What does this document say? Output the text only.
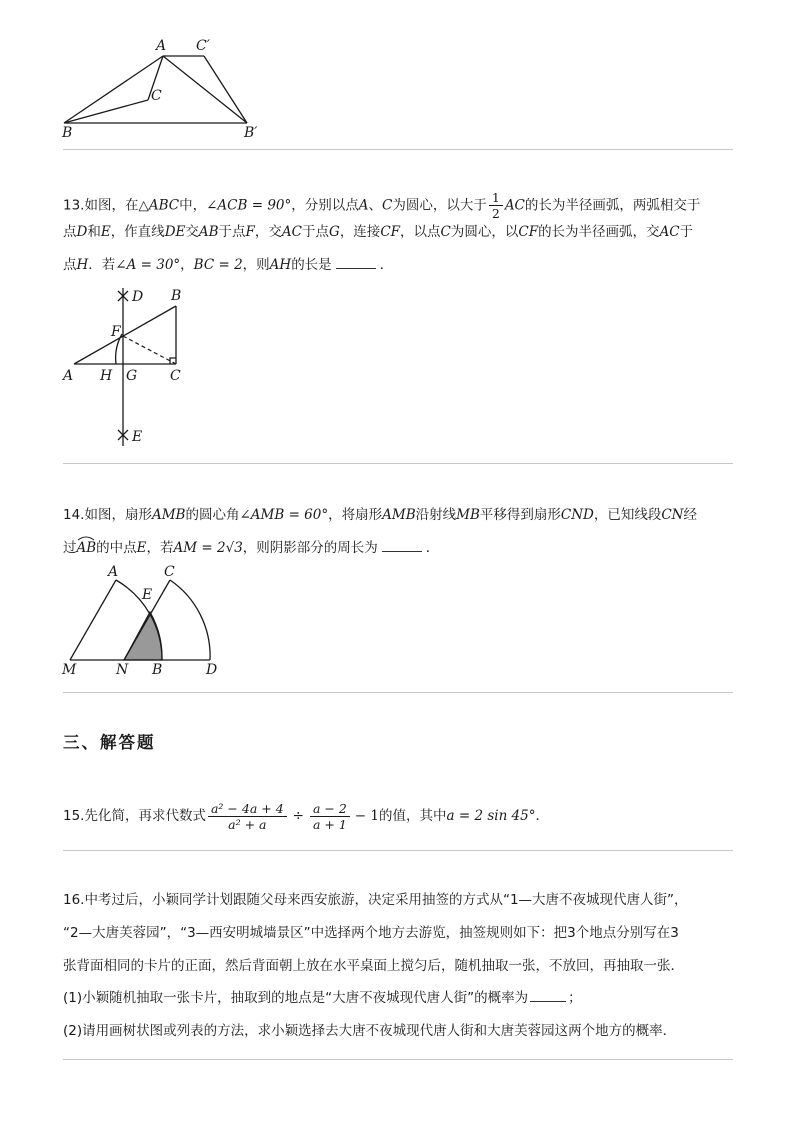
A C′
C
B	B′
13.如图，在△ABC中，∠ACB = 90°，分别以点A、C为圆心，以大于 $\frac{1}{2}$ AC的长为半径画弧，两弧相交于
点D和E，作直线DE交AB于点F，交AC于点G，连接CF，以点C为圆心，以CF的长为半径画弧，交AC于
点H．若∠A = 30°，BC = 2，则AH的长是	．
D B
F
A H G C
E
14.如图，扇形AMB的圆心角∠AMB = 60°，将扇形AMB沿射线MB平移得到扇形CND，已知线段CN经
过AB
的中点E，若AM = 2√3，则阴影部分的周长为	．
A	C
E
M	N B	D
三、解答题
15.先化简，再求代数式 $\frac{\text{a² − 4a + 4}}{\text{a² + a}} \div \frac{a - 2}{a + 1} - 1$的值，其中a = 2 sin 45°．
16.中考过后，小颖同学计划跟随父母来西安旅游，决定采用抽签的方式从“1—大唐不夜城现代唐人街”，
“2—大唐芙蓉园”，“3—西安明城墙景区”中选择两个地方去游览，抽签规则如下：把3个地点分别写在3
张背面相同的卡片的正面，然后背面朝上放在水平桌面上搅匀后，随机抽取一张，不放回，再抽取一张．
(1)小颖随机抽取一张卡片，抽取到的地点是“大唐不夜城现代唐人街”的概率为	；
(2)请用画树状图或列表的方法，求小颖选择去大唐不夜城现代唐人街和大唐芙蓉园这两个地方的概率．
